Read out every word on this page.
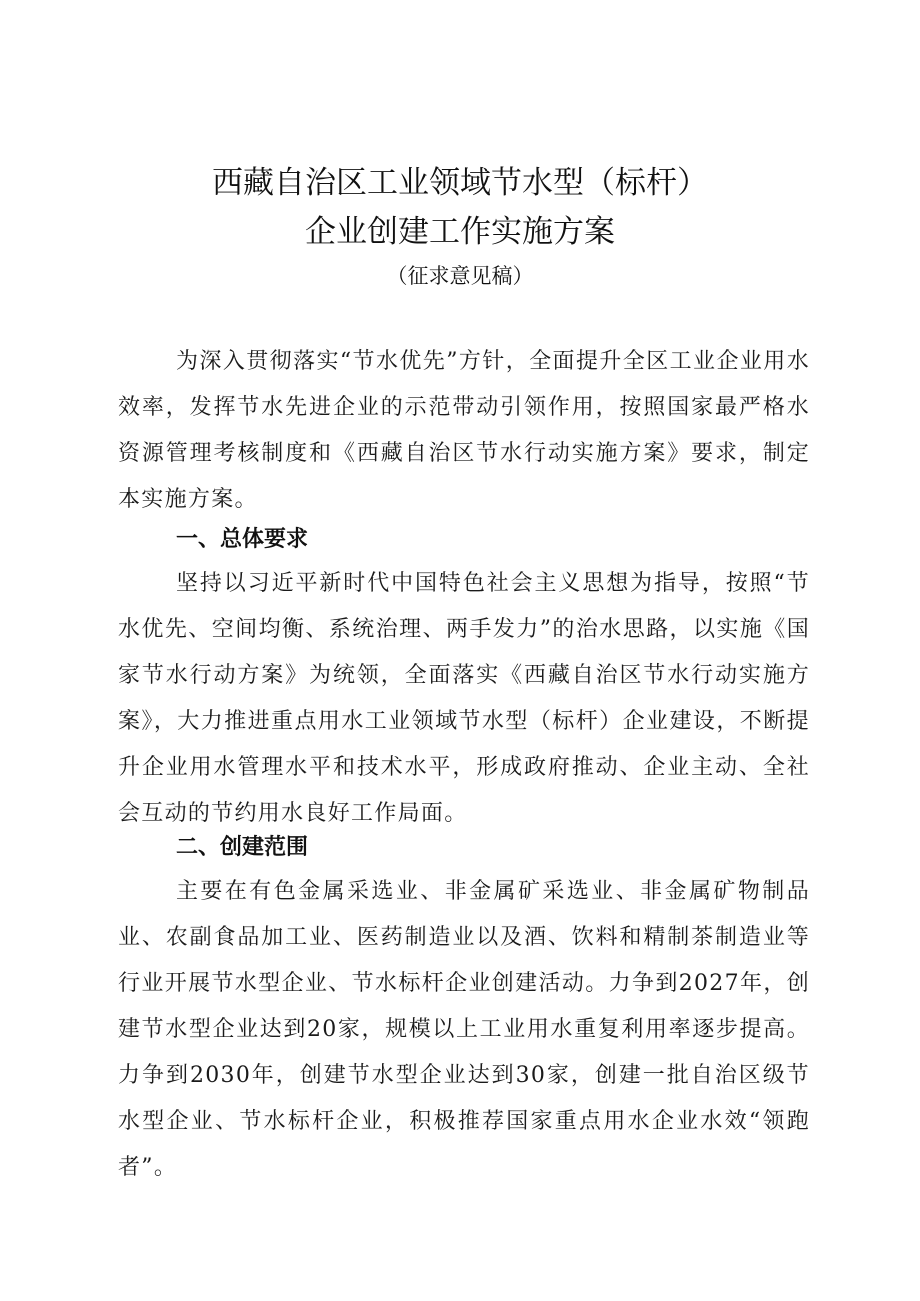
西藏自治区工业领域节水型（标杆）
企业创建工作实施方案
（征求意见稿）

为深入贯彻落实“节水优先”方针，全面提升全区工业企业用水效率，发挥节水先进企业的示范带动引领作用，按照国家最严格水资源管理考核制度和《西藏自治区节水行动实施方案》要求，制定本实施方案。

一、总体要求

坚持以习近平新时代中国特色社会主义思想为指导，按照“节水优先、空间均衡、系统治理、两手发力”的治水思路，以实施《国家节水行动方案》为统领，全面落实《西藏自治区节水行动实施方案》，大力推进重点用水工业领域节水型（标杆）企业建设，不断提升企业用水管理水平和技术水平，形成政府推动、企业主动、全社会互动的节约用水良好工作局面。

二、创建范围

主要在有色金属采选业、非金属矿采选业、非金属矿物制品业、农副食品加工业、医药制造业以及酒、饮料和精制茶制造业等行业开展节水型企业、节水标杆企业创建活动。力争到2027年，创建节水型企业达到20家，规模以上工业用水重复利用率逐步提高。力争到2030年，创建节水型企业达到30家，创建一批自治区级节水型企业、节水标杆企业，积极推荐国家重点用水企业水效“领跑者”。
